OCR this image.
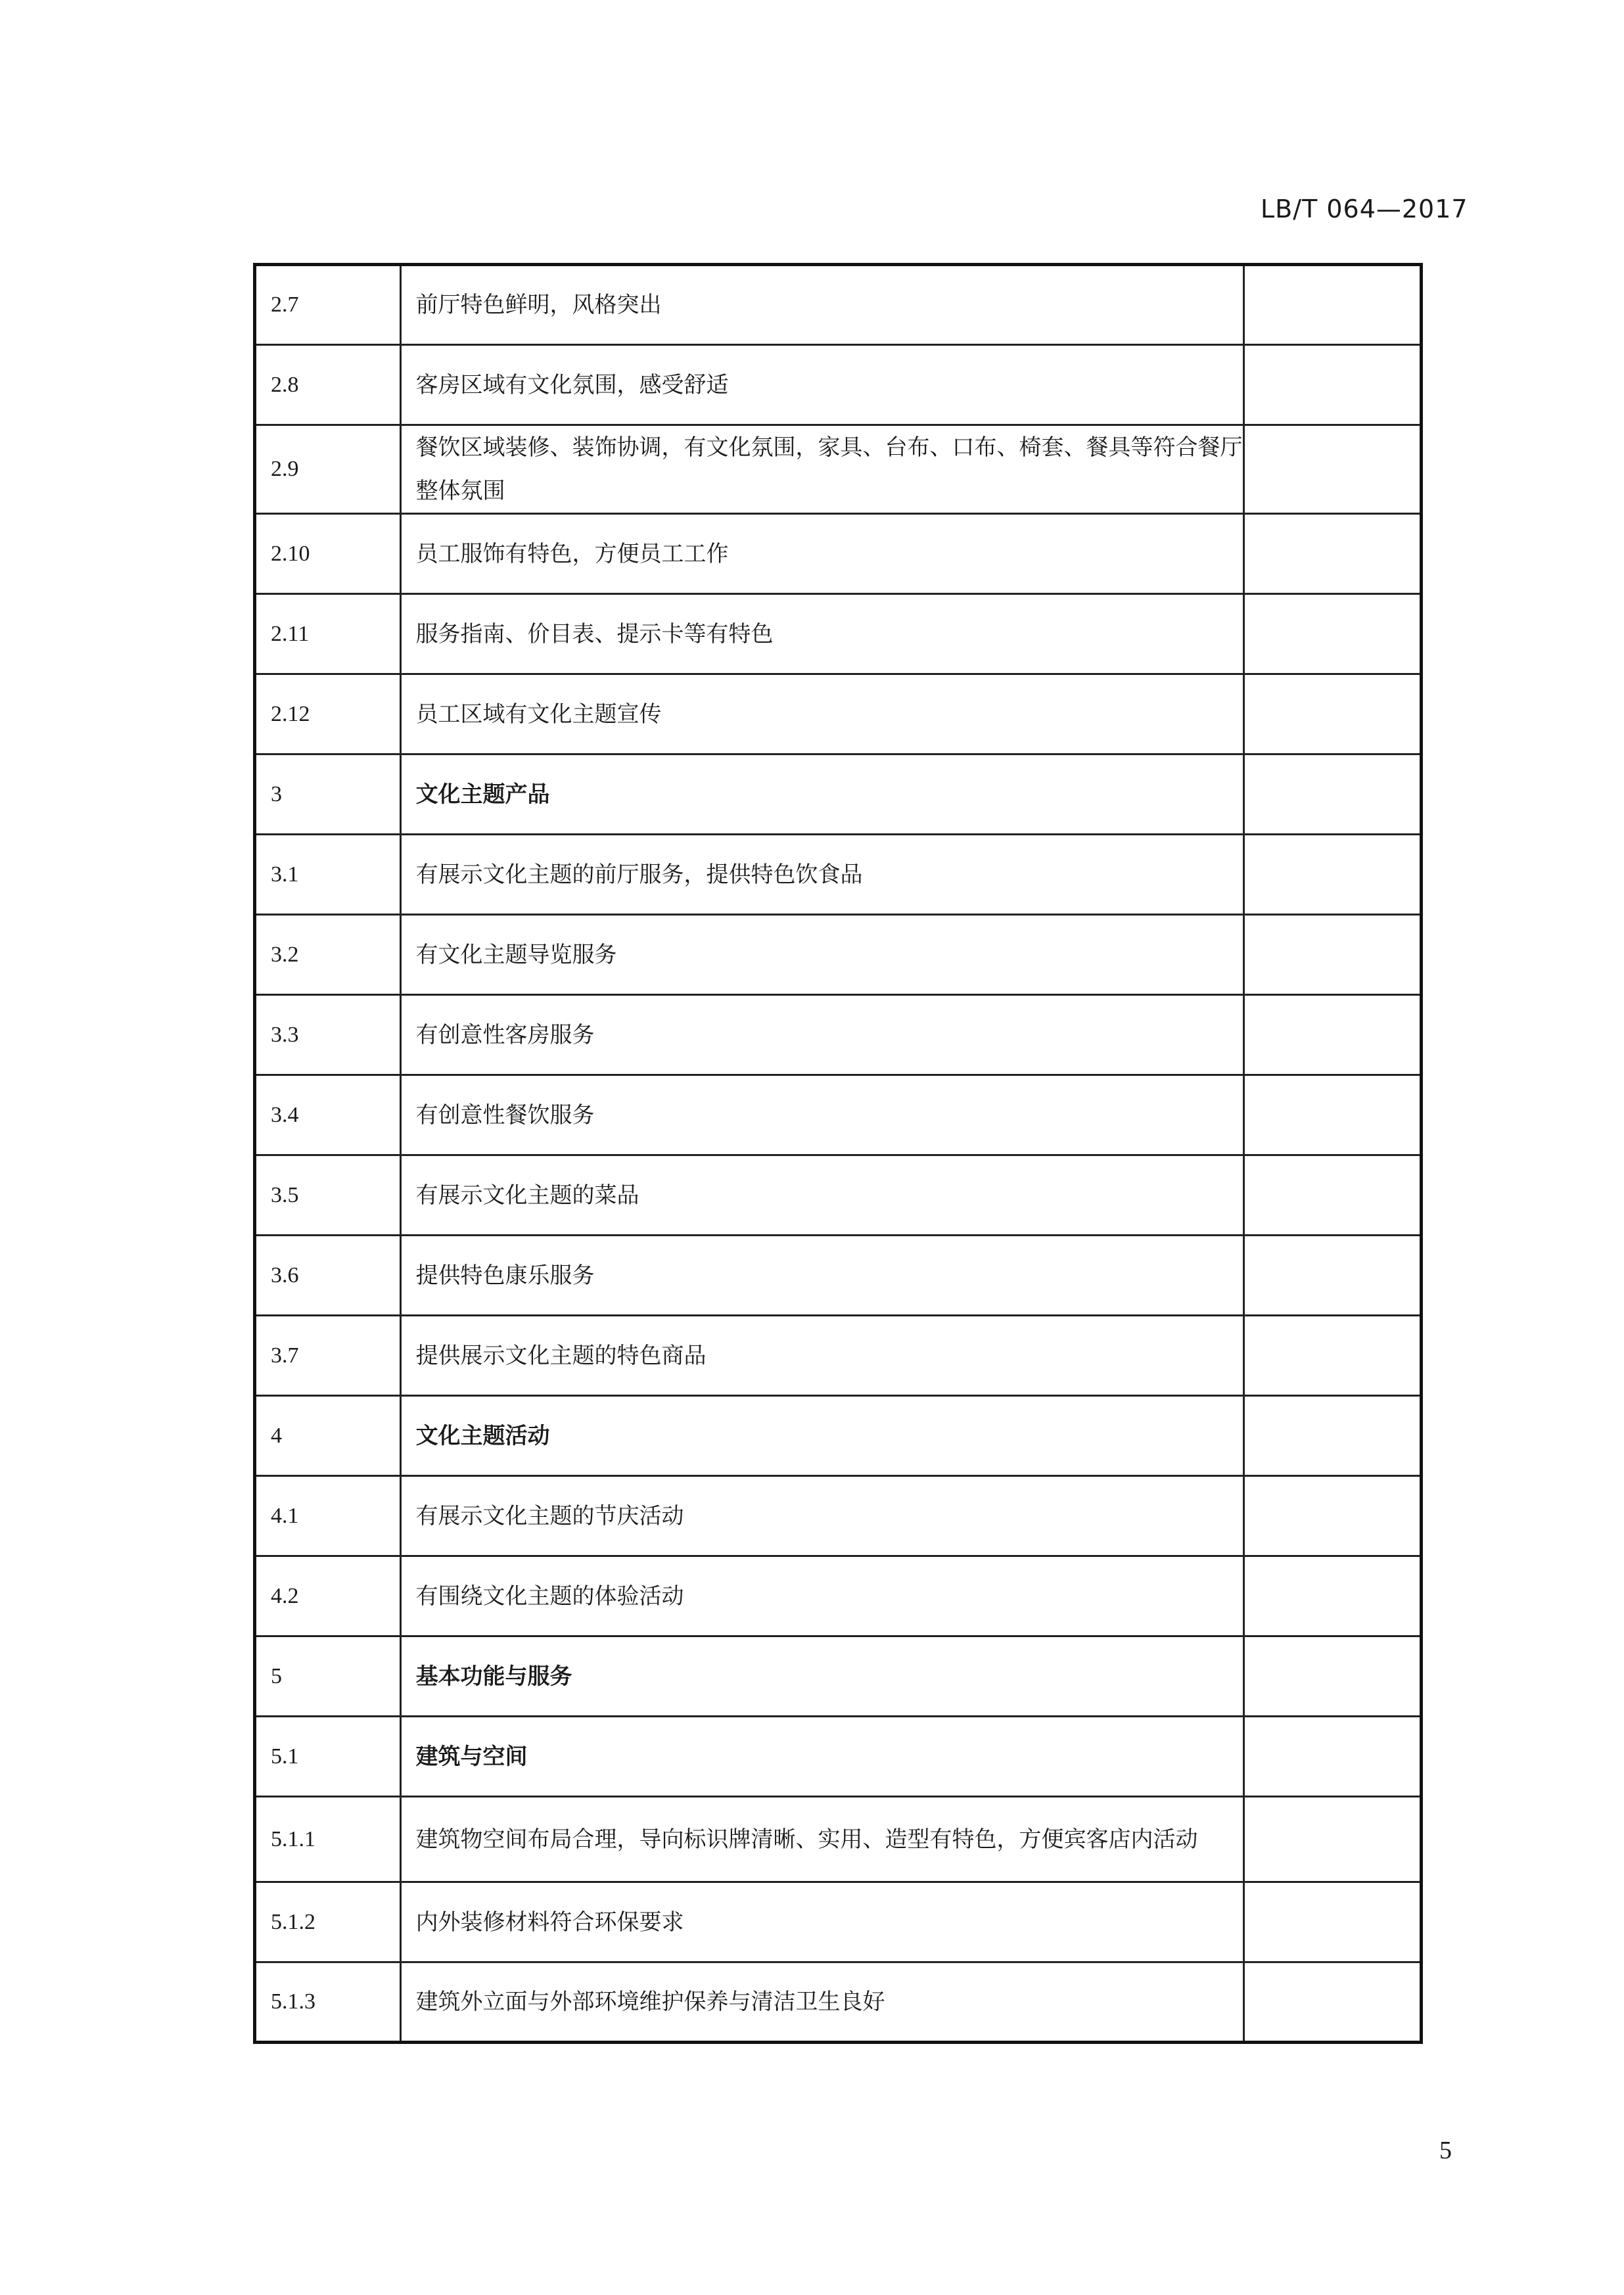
LB/T 064—2017
2.7	前厅特色鲜明，风格突出	
2.8	客房区域有文化氛围，感受舒适	
2.9	餐饮区域装修、装饰协调，有文化氛围，家具、台布、口布、椅套、餐具等符合餐厅整体氛围	
2.10	员工服饰有特色，方便员工工作	
2.11	服务指南、价目表、提示卡等有特色	
2.12	员工区域有文化主题宣传	
3	文化主题产品	
3.1	有展示文化主题的前厅服务，提供特色饮食品	
3.2	有文化主题导览服务	
3.3	有创意性客房服务	
3.4	有创意性餐饮服务	
3.5	有展示文化主题的菜品	
3.6	提供特色康乐服务	
3.7	提供展示文化主题的特色商品	
4	文化主题活动	
4.1	有展示文化主题的节庆活动	
4.2	有围绕文化主题的体验活动	
5	基本功能与服务	
5.1	建筑与空间	
5.1.1	建筑物空间布局合理，导向标识牌清晰、实用、造型有特色，方便宾客店内活动	
5.1.2	内外装修材料符合环保要求	
5.1.3	建筑外立面与外部环境维护保养与清洁卫生良好	
5
